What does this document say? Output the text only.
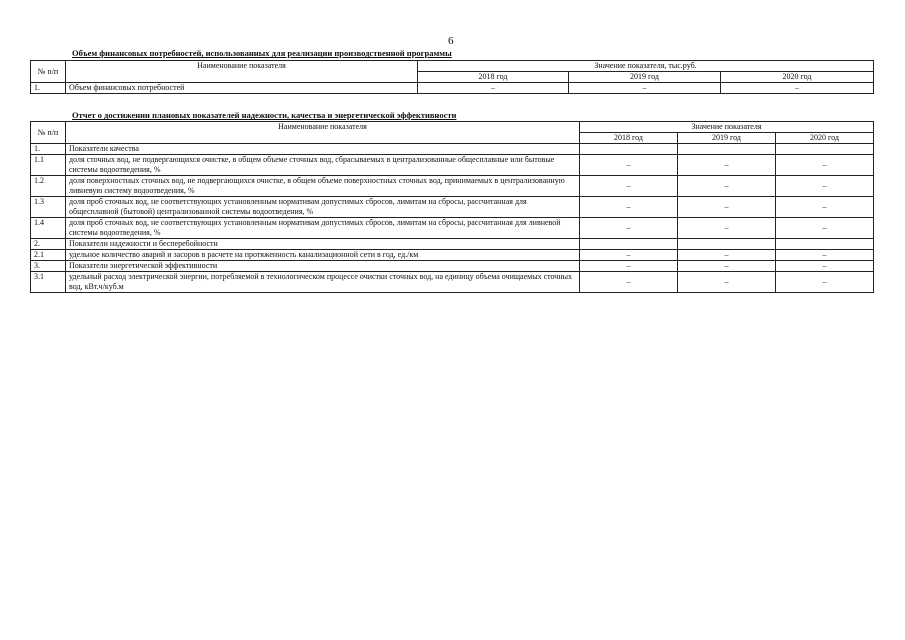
6
Объем финансовых потребностей, использованных для реализации производственной программы
№ п/п	Наименование показателя	Значение показателя, тыс.руб.		
		2018 год	2019 год	2020 год
1.	Объем финансовых потребностей	–	–	–
Отчет о достижении плановых показателей надежности, качества и энергетической эффективности
№ п/п	Наименование показателя	Значение показателя		
		2018 год	2019 год	2020 год
1.	Показатели качества			
1.1	доля сточных вод, не подвергающихся очистке, в общем объеме сточных вод, сбрасываемых в централизованные общесплавные или бытовые системы водоотведения, %	–	–	–
1.2	доля поверхностных сточных вод, не подвергающихся очистке, в общем объеме поверхностных сточных вод, принимаемых в централизованную ливневую систему водоотведения, %	–	–	–
1.3	доля проб сточных вод, не соответствующих установленным нормативам допустимых сбросов, лимитам на сбросы, рассчитанная для общесплавной (бытовой) централизованной системы водоотведения, %	–	–	–
1.4	доля проб сточных вод, не соответствующих установленным нормативам допустимых сбросов, лимитам на сбросы, рассчитанная для ливневой системы водоотведения, %	–	–	–
2.	Показатели надежности и бесперебойности			
2.1	удельное количество аварий и засоров в расчете на протяженность канализационной сети в год, ед./км	–	–	–
3.	Показатели энергетической эффективности	–	–	–
3.1	удельный расход электрической энергии, потребляемой в технологическом процессе очистки сточных вод, на единицу объема очищаемых сточных вод, кВт.ч/куб.м	–	–	–
